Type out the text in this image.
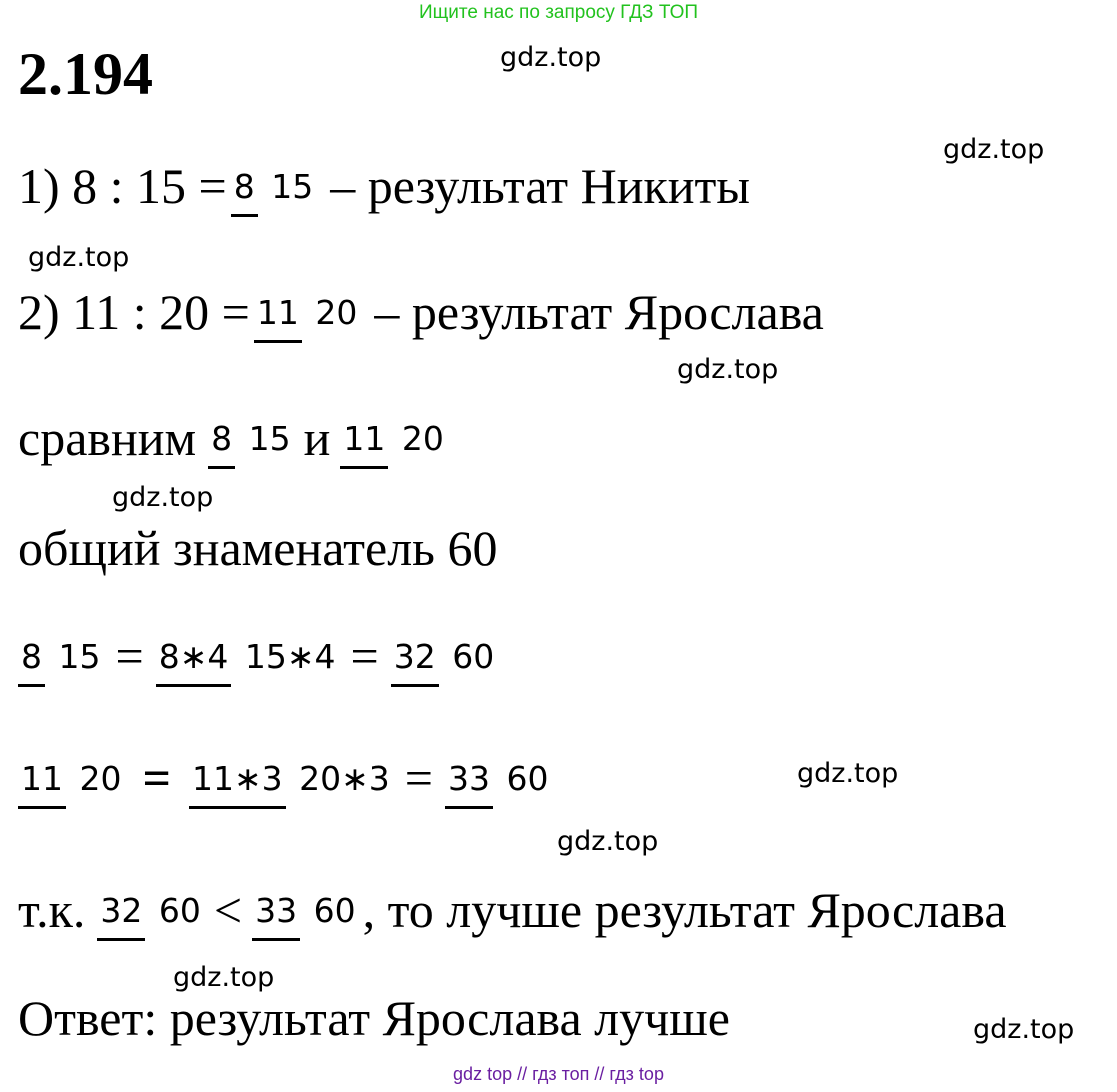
Ищите нас по запросу ГДЗ ТОП
2.194	gdz.top
gdz.top
gdz.top
gdz.top
gdz.top
gdz.top
gdz.top
gdz.top
gdz.top
1) 8 : 15 = 8 15 – результат Никиты
2) 11 : 20 = 11 20 – результат Ярослава
сравним 8 15 и 11 20
общий знаменатель 60
8 15 = 8∗4 15∗4 = 32 60
11 20 = 11∗3 20∗3 = 33 60
т.к. 32 60 < 33 60 , то лучше результат Ярослава
Ответ: результат Ярослава лучше
gdz top // гдз топ // гдз top
